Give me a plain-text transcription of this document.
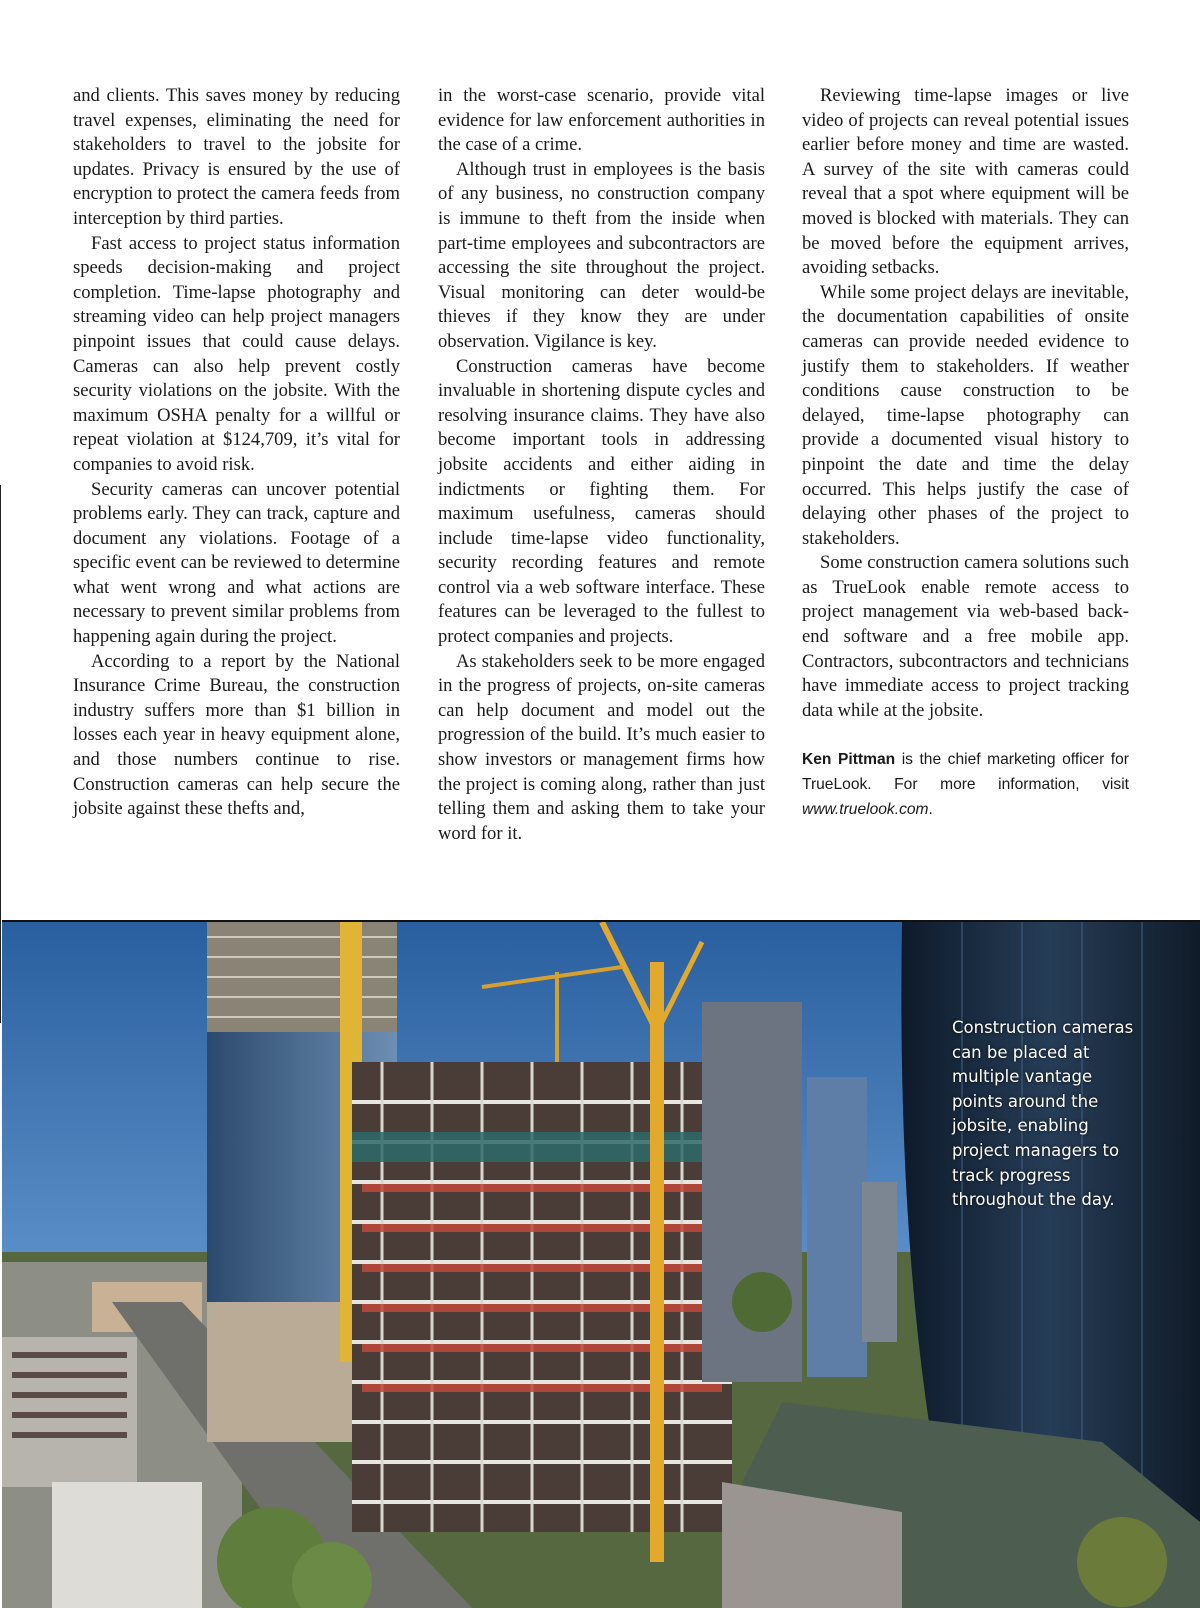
and clients. This saves money by reducing travel expenses, eliminating the need for stakeholders to travel to the jobsite for updates. Privacy is ensured by the use of encryption to protect the camera feeds from interception by third parties.

Fast access to project status information speeds decision-making and project completion. Time-lapse photography and streaming video can help project managers pinpoint issues that could cause delays. Cameras can also help prevent costly security violations on the jobsite. With the maximum OSHA penalty for a willful or repeat violation at $124,709, it’s vital for companies to avoid risk.

Security cameras can uncover potential problems early. They can track, capture and document any violations. Footage of a specific event can be reviewed to determine what went wrong and what actions are necessary to prevent similar problems from happening again during the project.

According to a report by the National Insurance Crime Bureau, the construction industry suffers more than $1 billion in losses each year in heavy equipment alone, and those numbers continue to rise. Construction cameras can help secure the jobsite against these thefts and,

in the worst-case scenario, provide vital evidence for law enforcement authorities in the case of a crime.

Although trust in employees is the basis of any business, no construction company is immune to theft from the inside when part-time employees and subcontractors are accessing the site throughout the project. Visual monitoring can deter would-be thieves if they know they are under observation. Vigilance is key.

Construction cameras have become invaluable in shortening dispute cycles and resolving insurance claims. They have also become important tools in addressing jobsite accidents and either aiding in indictments or fighting them. For maximum usefulness, cameras should include time-lapse video functionality, security recording features and remote control via a web software interface. These features can be leveraged to the fullest to protect companies and projects.

As stakeholders seek to be more engaged in the progress of projects, on-site cameras can help document and model out the progression of the build. It’s much easier to show investors or management firms how the project is coming along, rather than just telling them and asking them to take your word for it.

Reviewing time-lapse images or live video of projects can reveal potential issues earlier before money and time are wasted. A survey of the site with cameras could reveal that a spot where equipment will be moved is blocked with materials. They can be moved before the equipment arrives, avoiding setbacks.

While some project delays are inevitable, the documentation capabilities of onsite cameras can provide needed evidence to justify them to stakeholders. If weather conditions cause construction to be delayed, time-lapse photography can provide a documented visual history to pinpoint the date and time the delay occurred. This helps justify the case of delaying other phases of the project to stakeholders.

Some construction camera solutions such as TrueLook enable remote access to project management via web-based back-end software and a free mobile app. Contractors, subcontractors and technicians have immediate access to project tracking data while at the jobsite.

Ken Pittman is the chief marketing officer for TrueLook. For more information, visit www.truelook.com.

Construction cameras can be placed at multiple vantage points around the jobsite, enabling project managers to track progress throughout the day.
